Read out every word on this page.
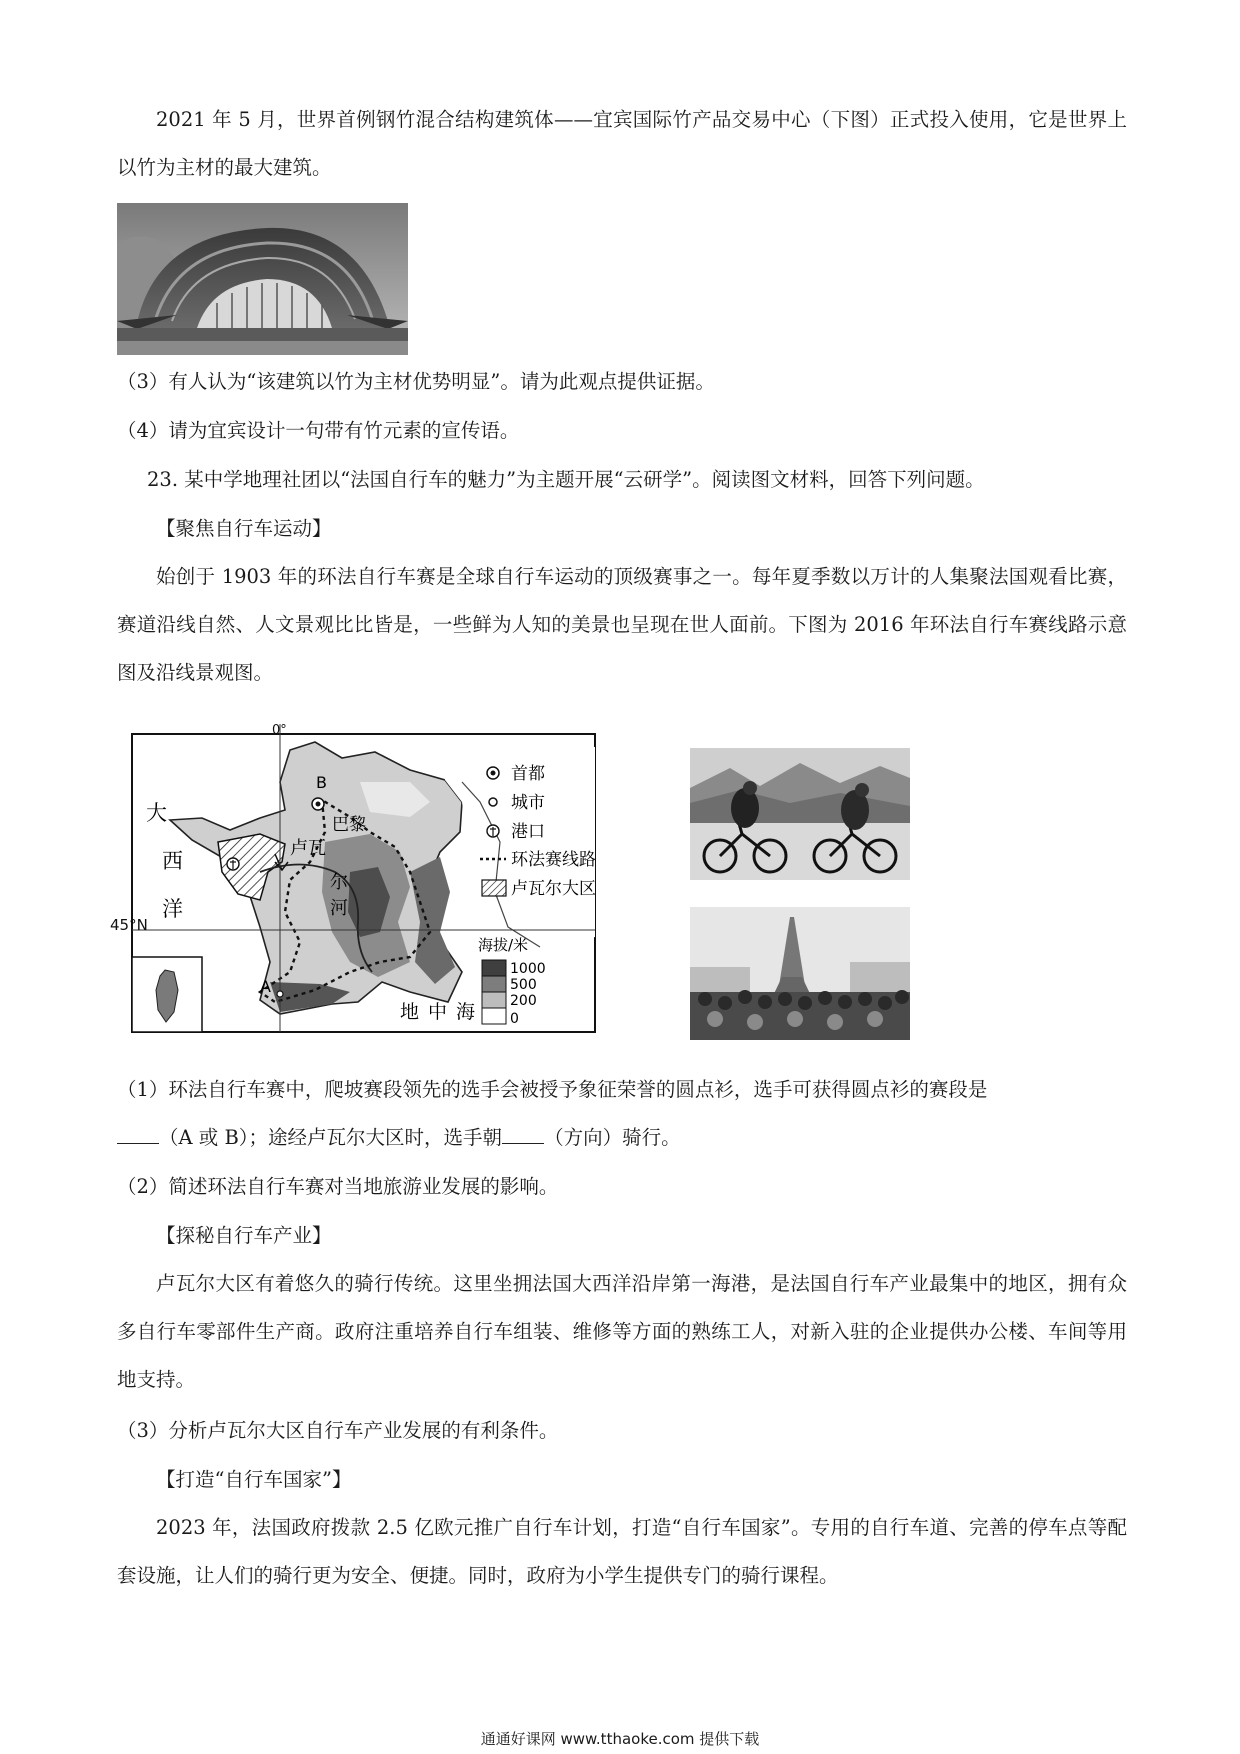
2021 年 5 月，世界首例钢竹混合结构建筑体——宜宾国际竹产品交易中心（下图）正式投入使用，它是世界上以竹为主材的最大建筑。

（3）有人认为“该建筑以竹为主材优势明显”。请为此观点提供证据。

（4）请为宜宾设计一句带有竹元素的宣传语。

23. 某中学地理社团以“法国自行车的魅力”为主题开展“云研学”。阅读图文材料，回答下列问题。

【聚焦自行车运动】

始创于 1903 年的环法自行车赛是全球自行车运动的顶级赛事之一。每年夏季数以万计的人集聚法国观看比赛，赛道沿线自然、人文景观比比皆是，一些鲜为人知的美景也呈现在世人面前。下图为 2016 年环法自行车赛线路示意图及沿线景观图。

0°
45°N
大
西
洋
地 中 海
巴黎
B
卢瓦
尔
河
A
首都
城市
港口
环法赛线路
卢瓦尔大区
海拔/米
1000
500
200
0

（1）环法自行车赛中，爬坡赛段领先的选手会被授予象征荣誉的圆点衫，选手可获得圆点衫的赛段是

（A 或 B）；途经卢瓦尔大区时，选手朝 （方向）骑行。

（2）简述环法自行车赛对当地旅游业发展的影响。

【探秘自行车产业】

卢瓦尔大区有着悠久的骑行传统。这里坐拥法国大西洋沿岸第一海港，是法国自行车产业最集中的地区，拥有众多自行车零部件生产商。政府注重培养自行车组装、维修等方面的熟练工人，对新入驻的企业提供办公楼、车间等用地支持。

（3）分析卢瓦尔大区自行车产业发展的有利条件。

【打造“自行车国家”】

2023 年，法国政府拨款 2.5 亿欧元推广自行车计划，打造“自行车国家”。专用的自行车道、完善的停车点等配套设施，让人们的骑行更为安全、便捷。同时，政府为小学生提供专门的骑行课程。

通通好课网 www.tthaoke.com 提供下载
